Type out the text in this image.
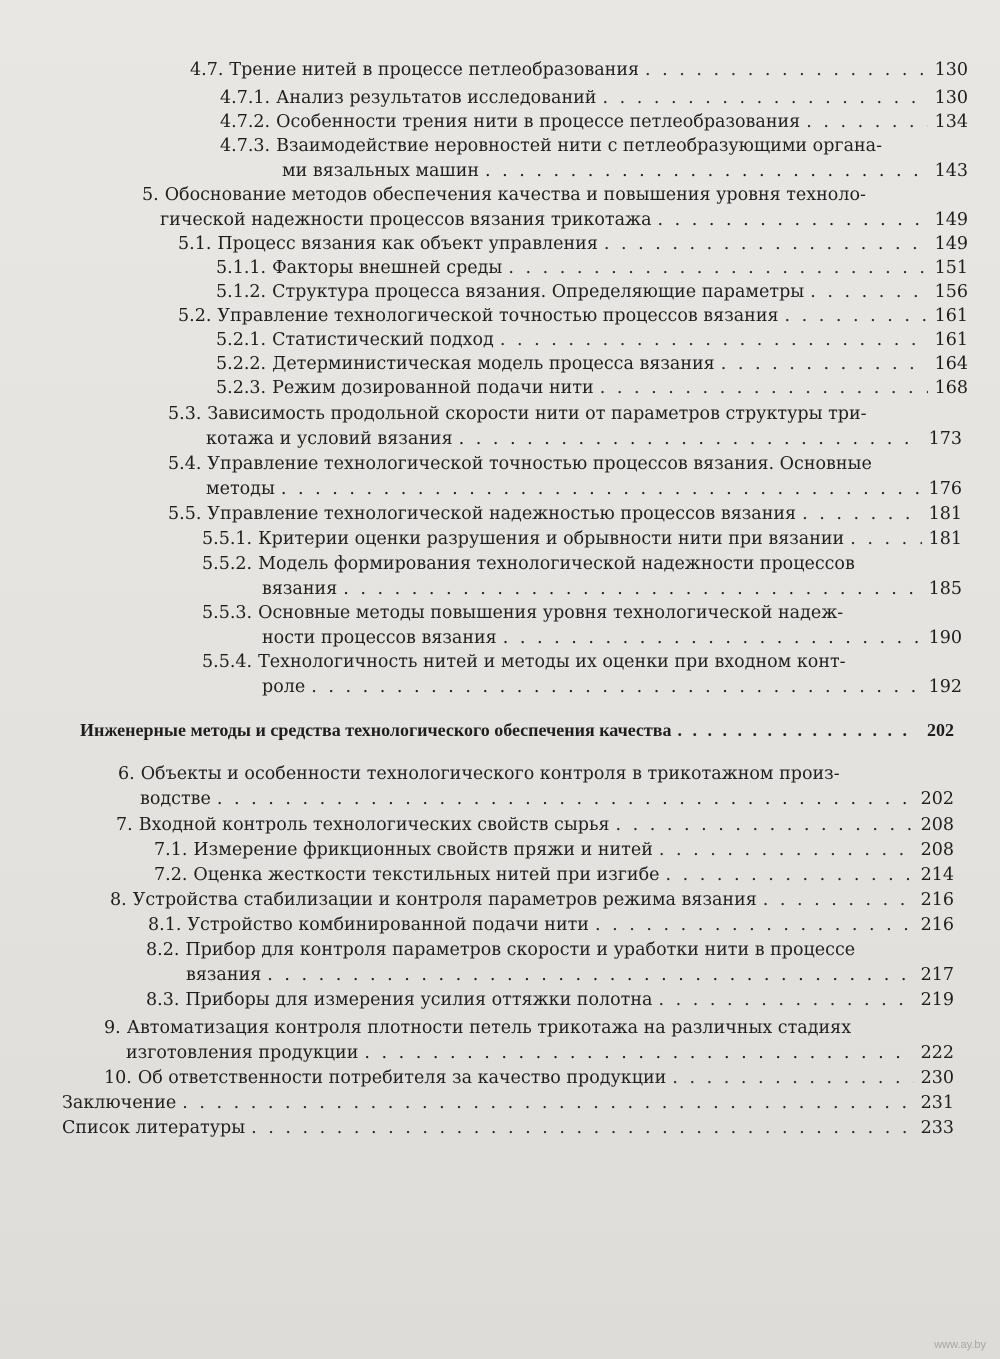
4.7. Трение нитей в процессе петлеобразования . . .	130
4.7.1. Анализ результатов исследований . . .	130
4.7.2. Особенности трения нити в процессе петлеобразования . . .	134
4.7.3. Взаимодействие неровностей нити с петлеобразующими органа-
ми вязальных машин . . .	143
5. Обоснование методов обеспечения качества и повышения уровня техноло-
гической надежности процессов вязания трикотажа . . .	149
5.1. Процесс вязания как объект управления . . .	149
5.1.1. Факторы внешней среды . . .	151
5.1.2. Структура процесса вязания. Определяющие параметры . . .	156
5.2. Управление технологической точностью процессов вязания . . .	161
5.2.1. Статистический подход . . .	161
5.2.2. Детерминистическая модель процесса вязания . . .	164
5.2.3. Режим дозированной подачи нити . . .	168
5.3. Зависимость продольной скорости нити от параметров структуры три-
котажа и условий вязания . . .	173
5.4. Управление технологической точностью процессов вязания. Основные
методы . . .	176
5.5. Управление технологической надежностью процессов вязания . . .	181
5.5.1. Критерии оценки разрушения и обрывности нити при вязании . . .	181
5.5.2. Модель формирования технологической надежности процессов
вязания . . .	185
5.5.3. Основные методы повышения уровня технологической надеж-
ности процессов вязания . . .	190
5.5.4. Технологичность нитей и методы их оценки при входном конт-
роле . . .	192
Инженерные методы и средства технологического обеспечения качества . . .	202
6. Объекты и особенности технологического контроля в трикотажном произ-
водстве . . .	202
7. Входной контроль технологических свойств сырья . . .	208
7.1. Измерение фрикционных свойств пряжи и нитей . . .	208
7.2. Оценка жесткости текстильных нитей при изгибе . . .	214
8. Устройства стабилизации и контроля параметров режима вязания . . .	216
8.1. Устройство комбинированной подачи нити . . .	216
8.2. Прибор для контроля параметров скорости и уработки нити в процессе
вязания . . .	217
8.3. Приборы для измерения усилия оттяжки полотна . . .	219
9. Автоматизация контроля плотности петель трикотажа на различных стадиях
изготовления продукции . . .	222
10. Об ответственности потребителя за качество продукции . . .	230
Заключение . . .	231
Список литературы . . .	233
www.ay.by
